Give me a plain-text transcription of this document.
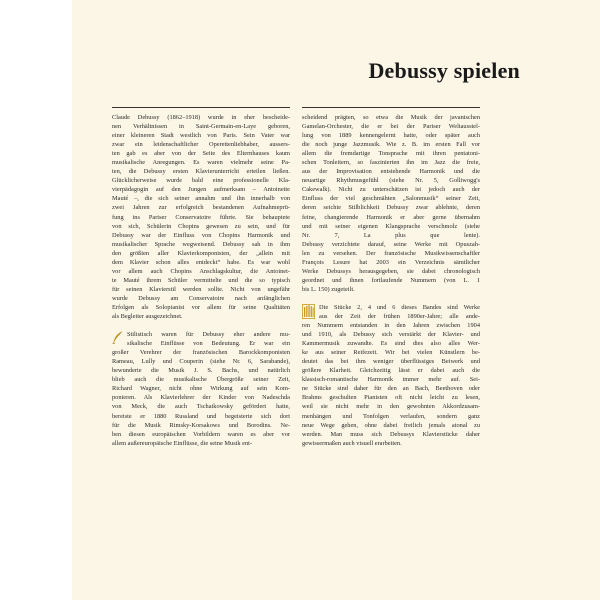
Debussy spielen
Claude Debussy (1862–1918) wurde in eher bescheide-
nen Verhältnissen in Saint-Germain-en-Laye geboren,
einer kleineren Stadt westlich von Paris. Sein Vater war
zwar ein leidenschaftlicher Operettenliebhaber, aussers-
ten gab es aber von der Seite des Elternhauses kaum
musikalische Anregungen. Es waren vielmehr seine Pa-
ten, die Debussy ersten Klavierunterricht erteilen ließen.
Glücklicherweise wurde bald eine professionelle Kla-
vierpädagogin auf den Jungen aufmerksam – Antoinette
Mauté –, die sich seiner annahm und ihn innerhalb von
zwei Jahren zur erfolgreich bestandenen Aufnahmeprü-
fung ins Pariser Conservatoire führte. Sie behauptete
von sich, Schülerin Chopins gewesen zu sein, und für
Debussy war der Einfluss von Chopins Harmonik und
musikalischer Sprache wegweisend. Debussy sah in ihm
den größten aller Klavierkomponisten, der „allein mit
dem Klavier schon alles entdeckt“ habe. Es war wohl
vor allem auch Chopins Anschlagskultur, die Antoinet-
te Mauté ihrem Schüler vermittelte und die so typisch
für seinen Klavierstil werden sollte. Nicht von ungefähr
wurde Debussy am Conservatoire nach anfänglichen
Erfolgen als Solopianist vor allem für seine Qualitäten
als Begleiter ausgezeichnet.
Stilistisch waren für Debussy eher andere mu-
sikalische Einflüsse von Bedeutung. Er war ein
großer Verehrer der französischen Barockkomponisten
Rameau, Lully und Couperin (siehe Nr. 6, Sarabande),
bewunderte die Musik J. S. Bachs, und natürlich
blieb auch die musikalische Übergröße seiner Zeit,
Richard Wagner, nicht ohne Wirkung auf sein Kom-
ponieren. Als Klavierlehrer der Kinder von Nadeschda
von Meck, die auch Tschaikowsky gefördert hatte,
bereiste er 1880 Russland und begeisterte sich dort
für die Musik Rimsky-Korsakows und Borodins. Ne-
ben diesen europäischen Vorbildern waren es aber vor
allem außereuropäische Einflüsse, die seine Musik ent-
scheidend prägten, so etwa die Musik der javanischen
Gamelan-Orchester, die er bei der Pariser Weltausstel-
lung von 1889 kennengelernt hatte, oder später auch
die noch junge Jazzmusik. Wie z. B. im ersten Fall vor
allem die fremdartige Tonsprache mit ihren pentatoni-
schen Tonleitern, so faszinierten ihn im Jazz die freie,
aus der Improvisation entstehende Harmonik und die
neuartige Rhythmusgefühl (siehe Nr. 5, Golliwogg's
Cakewalk). Nicht zu unterschätzen ist jedoch auch der
Einfluss der viel geschmähten „Salonmusik“ seiner Zeit,
deren seichte Stilblichkeit Debussy zwar ablehnte, deren
feine, changierende Harmonik er aber gerne übernahm
und mit seiner eigenen Klangsprache verschmolz (siehe
Nr. 7, La plus que lente).
Debussy verzichtete darauf, seine Werke mit Opuszah-
len zu versehen. Der französische Musikwissenschaftler
François Lesure hat 2003 ein Verzeichnis sämtlicher
Werke Debussys herausgegeben, sie dabei chronologisch
geordnet und ihnen fortlaufende Nummern (von L. 1
bis L. 150) zugeteilt.
Die Stücke 2, 4 und 6 dieses Bandes sind Werke
aus der Zeit der frühen 1890er-Jahre; alle ande-
ren Nummern entstanden in den Jahren zwischen 1904
und 1910, als Debussy sich verstärkt der Klavier- und
Kammermusik zuwandte. Es sind dies also alles Wer-
ke aus seiner Reifezeit. Wir bei vielen Künstlern be-
deutet das bei ihm weniger überflüssiges Beiwerk und
größere Klarheit. Gleichzeitig lässt er dabei auch die
klassisch-romantische Harmonik immer mehr auf. Sei-
ne Stücke sind daher für den an Bach, Beethoven oder
Brahms geschulten Pianisten oft nicht leicht zu lesen,
weil sie nicht mehr in den gewohnten Akkordzusam-
menhängen und Tonfolgen verlaufen, sondern ganz
neue Wege gehen, ohne dabei freilich jemals atonal zu
werden. Man muss sich Debussys Klavierstücke daher
gewissermaßen auch visuell erarbeiten.
